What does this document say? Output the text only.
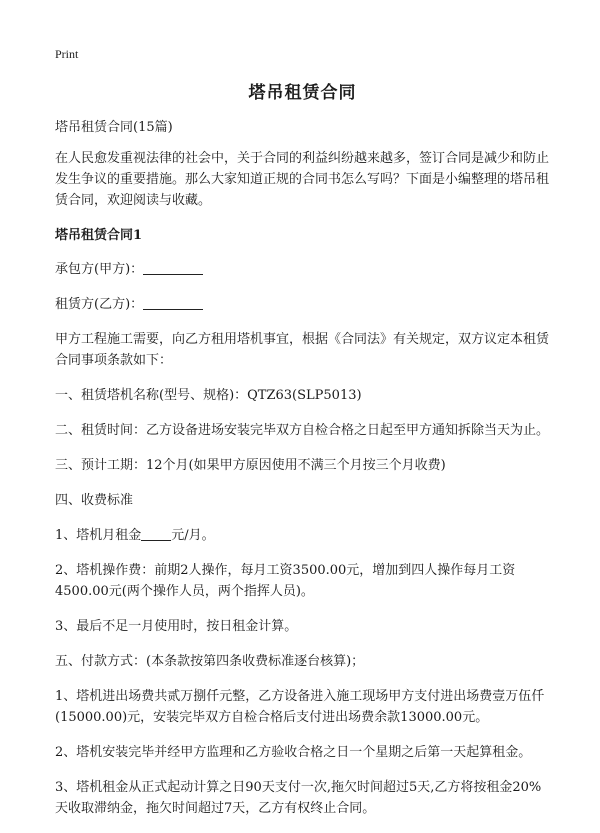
Print
塔吊租赁合同

塔吊租赁合同(15篇)

在人民愈发重视法律的社会中，关于合同的利益纠纷越来越多，签订合同是减少和防止发生争议的重要措施。那么大家知道正规的合同书怎么写吗？下面是小编整理的塔吊租赁合同，欢迎阅读与收藏。

塔吊租赁合同1

承包方(甲方)：

租赁方(乙方)：

甲方工程施工需要，向乙方租用塔机事宜，根据《合同法》有关规定，双方议定本租赁合同事项条款如下：

一、租赁塔机名称(型号、规格)：QTZ63(SLP5013)

二、租赁时间：乙方设备进场安装完毕双方自检合格之日起至甲方通知拆除当天为止。

三、预计工期：12个月(如果甲方原因使用不满三个月按三个月收费)

四、收费标准

1、塔机月租金 元/月。

2、塔机操作费：前期2人操作，每月工资3500.00元，增加到四人操作每月工资4500.00元(两个操作人员，两个指挥人员)。

3、最后不足一月使用时，按日租金计算。

五、付款方式：(本条款按第四条收费标准逐台核算)；

1、塔机进出场费共贰万捌仟元整，乙方设备进入施工现场甲方支付进出场费壹万伍仟(15000.00)元，安装完毕双方自检合格后支付进出场费余款13000.00元。

2、塔机安装完毕并经甲方监理和乙方验收合格之日一个星期之后第一天起算租金。

3、塔机租金从正式起动计算之日90天支付一次,拖欠时间超过5天,乙方将按租金20%天收取滞纳金，拖欠时间超过7天，乙方有权终止合同。
